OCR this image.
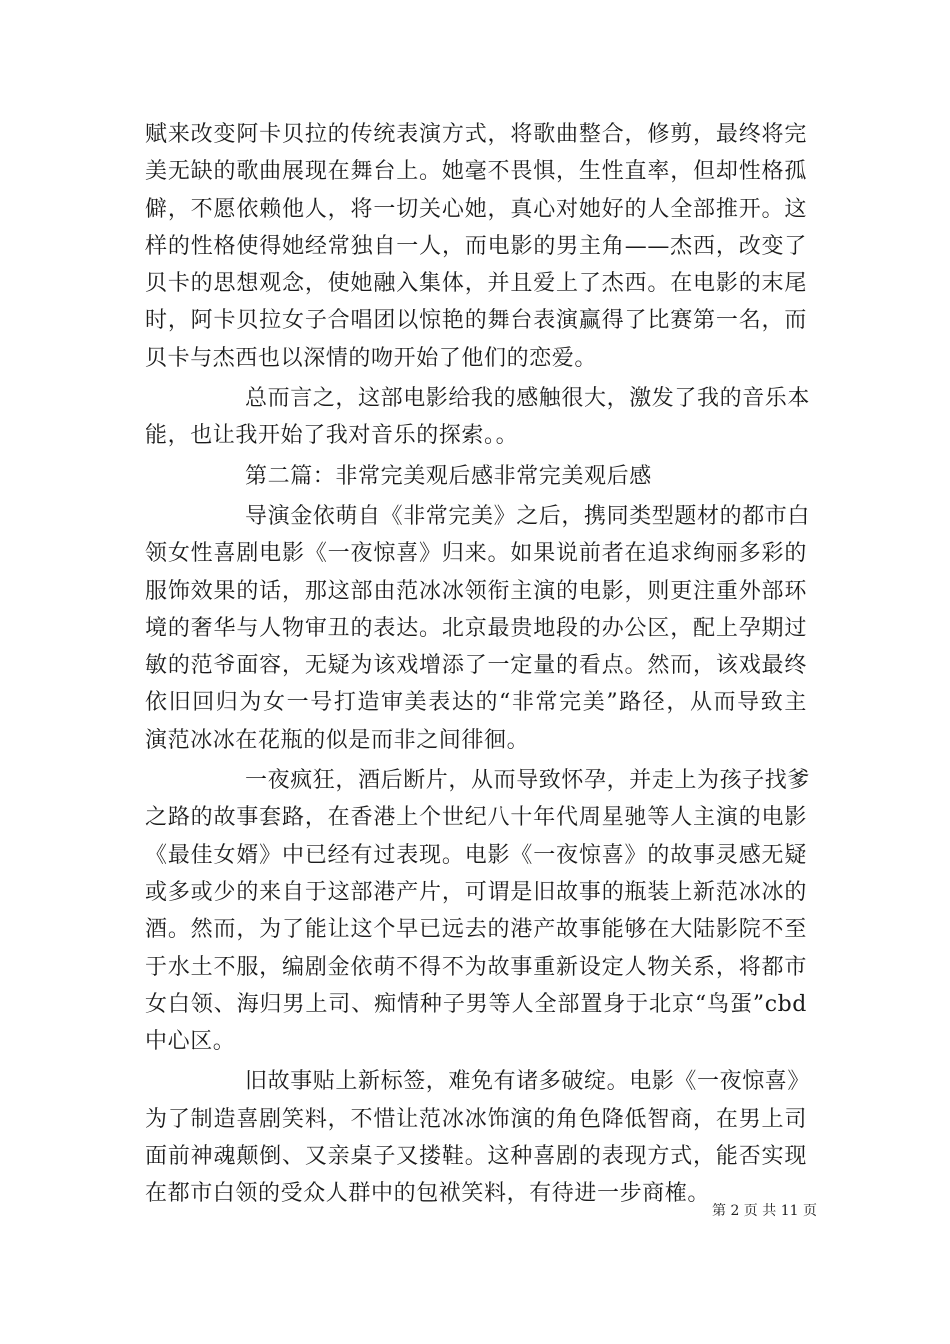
赋来改变阿卡贝拉的传统表演方式，将歌曲整合，修剪，最终将完
美无缺的歌曲展现在舞台上。她毫不畏惧，生性直率，但却性格孤
僻，不愿依赖他人，将一切关心她，真心对她好的人全部推开。这
样的性格使得她经常独自一人，而电影的男主角——杰西，改变了
贝卡的思想观念，使她融入集体，并且爱上了杰西。在电影的末尾
时，阿卡贝拉女子合唱团以惊艳的舞台表演赢得了比赛第一名，而
贝卡与杰西也以深情的吻开始了他们的恋爱。
总而言之，这部电影给我的感触很大，激发了我的音乐本
能，也让我开始了我对音乐的探索。。
第二篇：非常完美观后感非常完美观后感
导演金依萌自《非常完美》之后，携同类型题材的都市白
领女性喜剧电影《一夜惊喜》归来。如果说前者在追求绚丽多彩的
服饰效果的话，那这部由范冰冰领衔主演的电影，则更注重外部环
境的奢华与人物审丑的表达。北京最贵地段的办公区，配上孕期过
敏的范爷面容，无疑为该戏增添了一定量的看点。然而，该戏最终
依旧回归为女一号打造审美表达的“非常完美”路径，从而导致主
演范冰冰在花瓶的似是而非之间徘徊。
一夜疯狂，酒后断片，从而导致怀孕，并走上为孩子找爹
之路的故事套路，在香港上个世纪八十年代周星驰等人主演的电影
《最佳女婿》中已经有过表现。电影《一夜惊喜》的故事灵感无疑
或多或少的来自于这部港产片，可谓是旧故事的瓶装上新范冰冰的
酒。然而，为了能让这个早已远去的港产故事能够在大陆影院不至
于水土不服，编剧金依萌不得不为故事重新设定人物关系，将都市
女白领、海归男上司、痴情种子男等人全部置身于北京“鸟蛋”cbd
中心区。
旧故事贴上新标签，难免有诸多破绽。电影《一夜惊喜》
为了制造喜剧笑料，不惜让范冰冰饰演的角色降低智商，在男上司
面前神魂颠倒、又亲桌子又搂鞋。这种喜剧的表现方式，能否实现
在都市白领的受众人群中的包袱笑料，有待进一步商榷。
第 2 页 共 11 页
